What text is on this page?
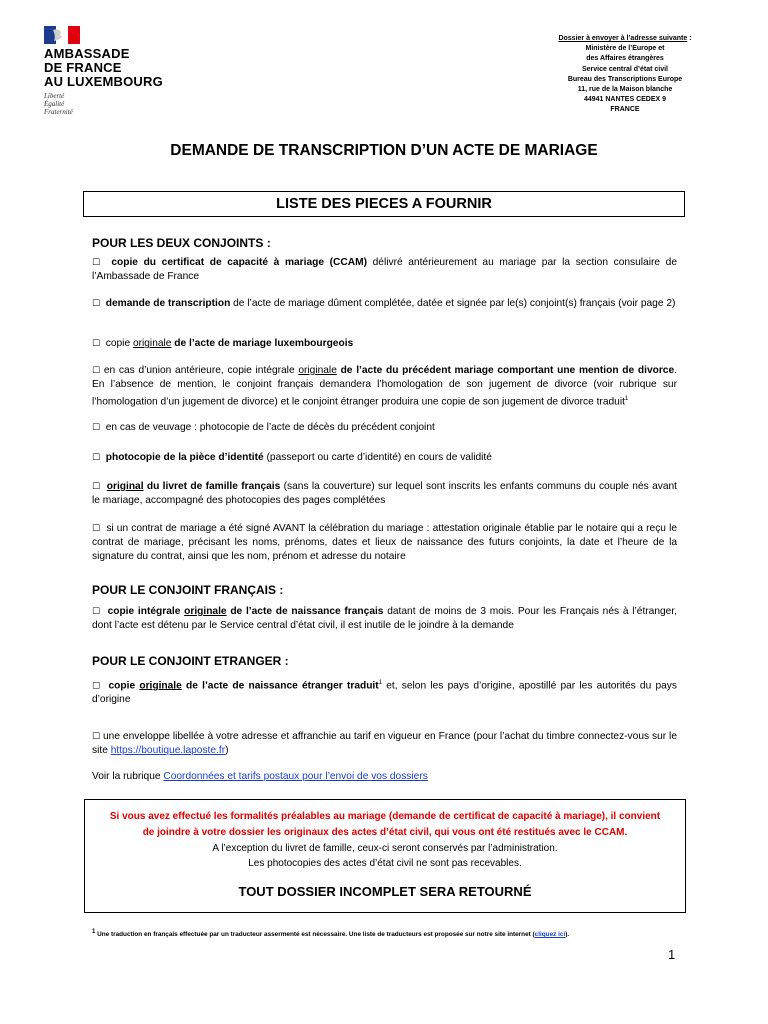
AMBASSADE
DE FRANCE
AU LUXEMBOURG
Liberté
Égalité
Fraternité
Dossier à envoyer à l’adresse suivante :
Ministère de l’Europe et
des Affaires étrangères
Service central d’état civil
Bureau des Transcriptions Europe
11, rue de la Maison blanche
44941 NANTES CEDEX 9
FRANCE
DEMANDE DE TRANSCRIPTION D’UN ACTE DE MARIAGE
LISTE DES PIECES A FOURNIR
POUR LES DEUX CONJOINTS :
☐ copie du certificat de capacité à mariage (CCAM) délivré antérieurement au mariage par la section consulaire de l’Ambassade de France
☐ demande de transcription de l’acte de mariage dûment complétée, datée et signée par le(s) conjoint(s) français (voir page 2)
☐ copie originale de l’acte de mariage luxembourgeois
☐ en cas d’union antérieure, copie intégrale originale de l’acte du précédent mariage comportant une mention de divorce. En l’absence de mention, le conjoint français demandera l’homologation de son jugement de divorce (voir rubrique sur l’homologation d’un jugement de divorce) et le conjoint étranger produira une copie de son jugement de divorce traduit$^1$
☐ en cas de veuvage : photocopie de l’acte de décès du précédent conjoint
☐ photocopie de la pièce d’identité (passeport ou carte d’identité) en cours de validité
☐ original du livret de famille français (sans la couverture) sur lequel sont inscrits les enfants communs du couple nés avant le mariage, accompagné des photocopies des pages complétées
☐ si un contrat de mariage a été signé AVANT la célébration du mariage : attestation originale établie par le notaire qui a reçu le contrat de mariage, précisant les noms, prénoms, dates et lieux de naissance des futurs conjoints, la date et l’heure de la signature du contrat, ainsi que les nom, prénom et adresse du notaire
POUR LE CONJOINT FRANÇAIS :
☐ copie intégrale originale de l’acte de naissance français datant de moins de 3 mois. Pour les Français nés à l’étranger, dont l’acte est détenu par le Service central d’état civil, il est inutile de le joindre à la demande
POUR LE CONJOINT ETRANGER :
☐ copie originale de l’acte de naissance étranger traduit$^1$ et, selon les pays d’origine, apostillé par les autorités du pays d’origine
☐ une enveloppe libellée à votre adresse et affranchie au tarif en vigueur en France (pour l’achat du timbre connectez-vous sur le site https://boutique.laposte.fr)
Voir la rubrique Coordonnées et tarifs postaux pour l’envoi de vos dossiers
Si vous avez effectué les formalités préalables au mariage (demande de certificat de capacité à mariage), il convient de joindre à votre dossier les originaux des actes d’état civil, qui vous ont été restitués avec le CCAM.
A l’exception du livret de famille, ceux-ci seront conservés par l’administration.
Les photocopies des actes d’état civil ne sont pas recevables.
TOUT DOSSIER INCOMPLET SERA RETOURNÉ
$^1$ Une traduction en français effectuée par un traducteur assermenté est nécessaire. Une liste de traducteurs est proposée sur notre site internet (cliquez ici).
1
